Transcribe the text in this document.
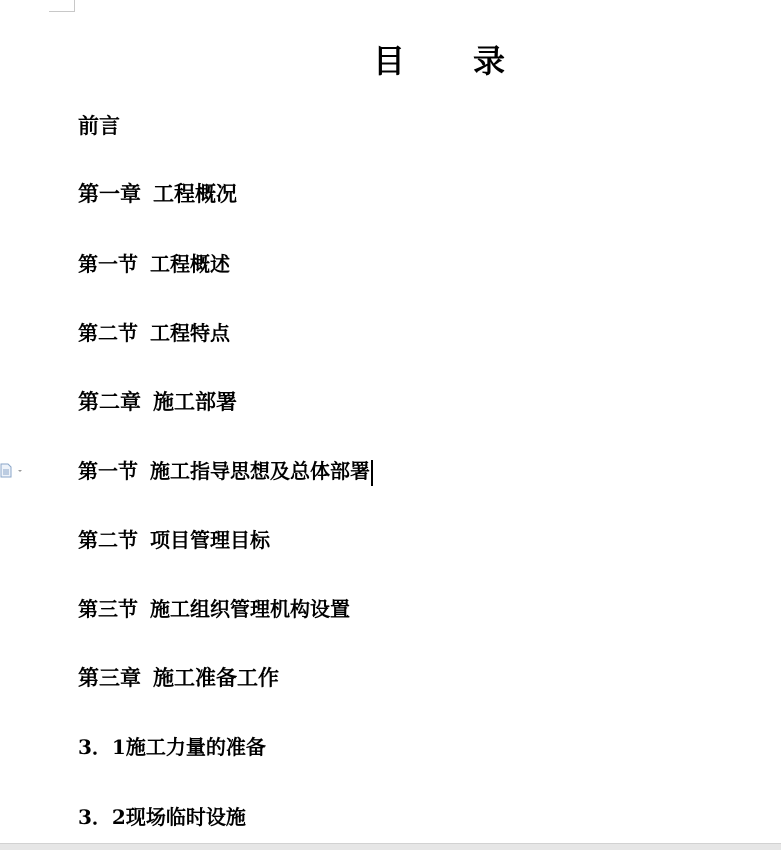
目 录
前言
第一章 工程概况
第一节 工程概述
第二节 工程特点
第二章 施工部署
第一节 施工指导思想及总体部署
第二节 项目管理目标
第三节 施工组织管理机构设置
第三章 施工准备工作
3．1施工力量的准备
3．2现场临时设施
